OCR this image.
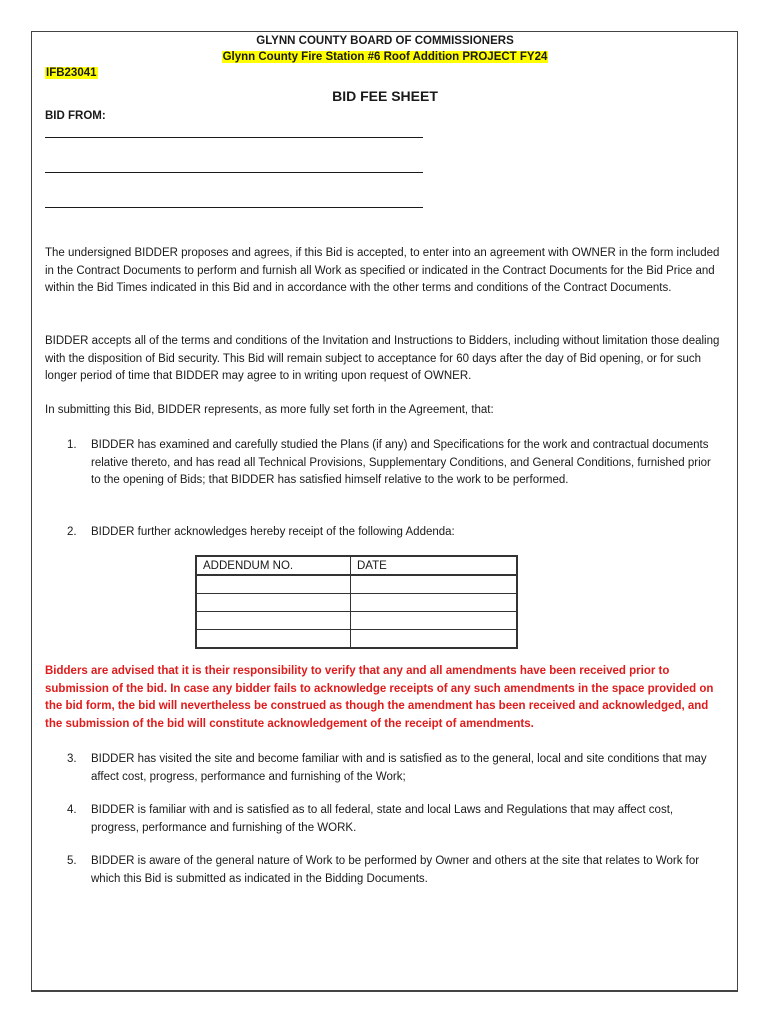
GLYNN COUNTY BOARD OF COMMISSIONERS
Glynn County Fire Station #6 Roof Addition PROJECT FY24
IFB23041
BID FEE SHEET
BID FROM:

The undersigned BIDDER proposes and agrees, if this Bid is accepted, to enter into an agreement with OWNER in the form included in the Contract Documents to perform and furnish all Work as specified or indicated in the Contract Documents for the Bid Price and within the Bid Times indicated in this Bid and in accordance with the other terms and conditions of the Contract Documents.

BIDDER accepts all of the terms and conditions of the Invitation and Instructions to Bidders, including without limitation those dealing with the disposition of Bid security. This Bid will remain subject to acceptance for 60 days after the day of Bid opening, or for such longer period of time that BIDDER may agree to in writing upon request of OWNER.

In submitting this Bid, BIDDER represents, as more fully set forth in the Agreement, that:

1. BIDDER has examined and carefully studied the Plans (if any) and Specifications for the work and contractual documents relative thereto, and has read all Technical Provisions, Supplementary Conditions, and General Conditions, furnished prior to the opening of Bids; that BIDDER has satisfied himself relative to the work to be performed.
2. BIDDER further acknowledges hereby receipt of the following Addenda:
ADDENDUM NO.	DATE

Bidders are advised that it is their responsibility to verify that any and all amendments have been received prior to submission of the bid. In case any bidder fails to acknowledge receipts of any such amendments in the space provided on the bid form, the bid will nevertheless be construed as though the amendment has been received and acknowledged, and the submission of the bid will constitute acknowledgement of the receipt of amendments.

3. BIDDER has visited the site and become familiar with and is satisfied as to the general, local and site conditions that may affect cost, progress, performance and furnishing of the Work;
4. BIDDER is familiar with and is satisfied as to all federal, state and local Laws and Regulations that may affect cost, progress, performance and furnishing of the WORK.
5. BIDDER is aware of the general nature of Work to be performed by Owner and others at the site that relates to Work for which this Bid is submitted as indicated in the Bidding Documents.
